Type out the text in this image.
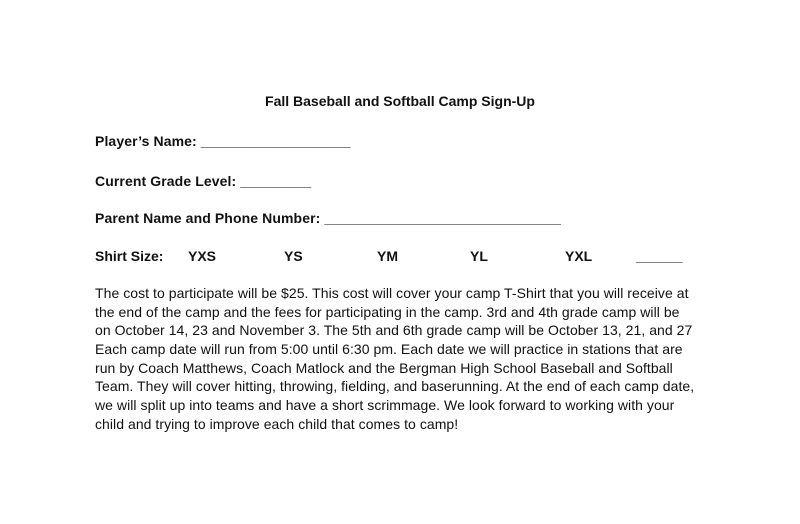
Fall Baseball and Softball Camp Sign-Up
Player’s Name: ___________________
Current Grade Level: _________
Parent Name and Phone Number: ______________________________
Shirt Size: YXS	YS	YM	YL	YXL	______
The cost to participate will be $25. This cost will cover your camp T-Shirt that you will receive at
the end of the camp and the fees for participating in the camp. 3rd and 4th grade camp will be
on October 14, 23 and November 3. The 5th and 6th grade camp will be October 13, 21, and 27
Each camp date will run from 5:00 until 6:30 pm. Each date we will practice in stations that are
run by Coach Matthews, Coach Matlock and the Bergman High School Baseball and Softball
Team. They will cover hitting, throwing, fielding, and baserunning. At the end of each camp date,
we will split up into teams and have a short scrimmage. We look forward to working with your
child and trying to improve each child that comes to camp!
